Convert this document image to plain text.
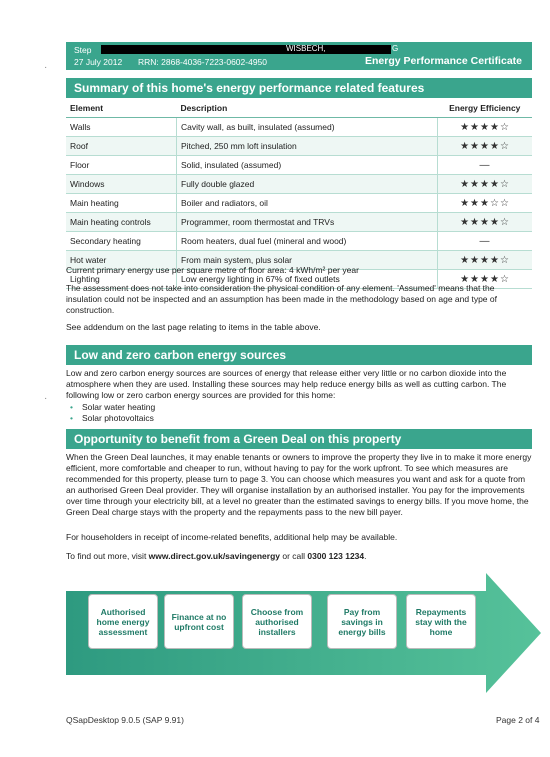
·
·
Step	WISBECH,	G
27 July 2012 RRN: 2868-4036-7223-0602-4950	Energy Performance Certificate
Summary of this home's energy performance related features
Element	Description	Energy Efficiency
Walls	Cavity wall, as built, insulated (assumed)	★★★★☆
Roof	Pitched, 250 mm loft insulation	★★★★☆
Floor	Solid, insulated (assumed)	—
Windows	Fully double glazed	★★★★☆
Main heating	Boiler and radiators, oil	★★★☆☆
Main heating controls	Programmer, room thermostat and TRVs	★★★★☆
Secondary heating	Room heaters, dual fuel (mineral and wood)	—
Hot water	From main system, plus solar	★★★★☆
Lighting	Low energy lighting in 67% of fixed outlets	★★★★☆
Current primary energy use per square metre of floor area: 4 kWh/m² per year
The assessment does not take into consideration the physical condition of any element. 'Assumed' means that the insulation could not be inspected and an assumption has been made in the methodology based on age and type of construction.
See addendum on the last page relating to items in the table above.
Low and zero carbon energy sources
Low and zero carbon energy sources are sources of energy that release either very little or no carbon dioxide into the atmosphere when they are used. Installing these sources may help reduce energy bills as well as cutting carbon. The following low or zero carbon energy sources are provided for this home:
• Solar water heating
• Solar photovoltaics
Opportunity to benefit from a Green Deal on this property
When the Green Deal launches, it may enable tenants or owners to improve the property they live in to make it more energy efficient, more comfortable and cheaper to run, without having to pay for the work upfront. To see which measures are recommended for this property, please turn to page 3. You can choose which measures you want and ask for a quote from an authorised Green Deal provider. They will organise installation by an authorised installer. You pay for the improvements over time through your electricity bill, at a level no greater than the estimated savings to energy bills. If you move home, the Green Deal charge stays with the property and the repayments pass to the new bill payer.
For householders in receipt of income-related benefits, additional help may be available.
To find out more, visit www.direct.gov.uk/savingenergy or call 0300 123 1234.
Authorised home energy assessment
Finance at no upfront cost
Choose from authorised installers
Pay from savings in energy bills
Repayments stay with the home
QSapDesktop 9.0.5 (SAP 9.91)	Page 2 of 4
